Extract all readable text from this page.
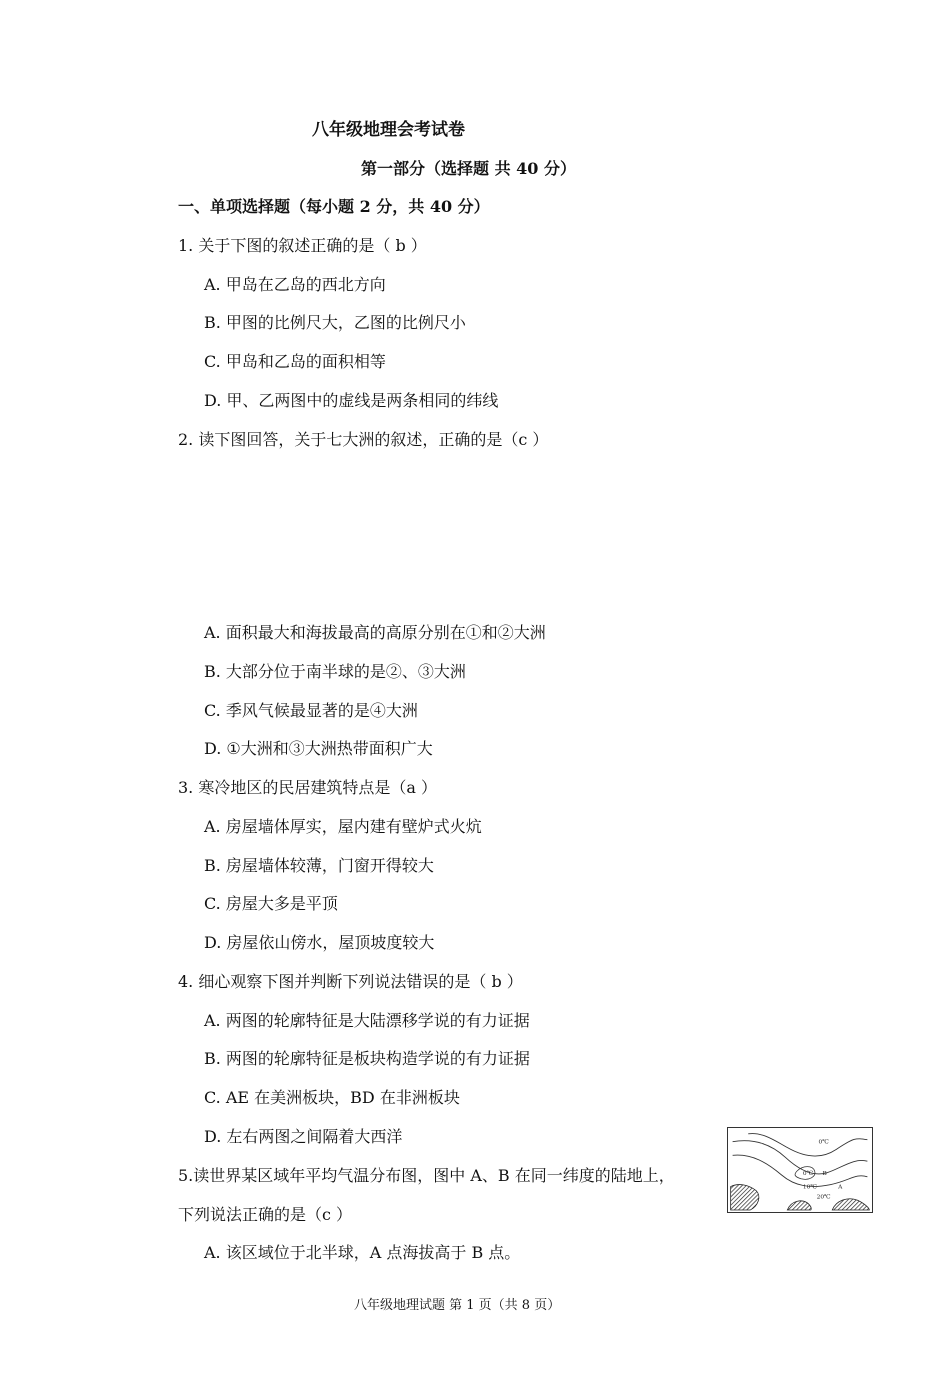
八年级地理会考试卷
第一部分（选择题 共 40 分）
一、单项选择题（每小题 2 分，共 40 分）
1. 关于下图的叙述正确的是（ b ）
A. 甲岛在乙岛的西北方向
B. 甲图的比例尺大，乙图的比例尺小
C. 甲岛和乙岛的面积相等
D. 甲、乙两图中的虚线是两条相同的纬线
2. 读下图回答，关于七大洲的叙述，正确的是（c ）
A. 面积最大和海拔最高的高原分别在①和②大洲
B. 大部分位于南半球的是②、③大洲
C. 季风气候最显著的是④大洲
D. ①大洲和③大洲热带面积广大
3. 寒冷地区的民居建筑特点是（a ）
A. 房屋墙体厚实，屋内建有壁炉式火炕
B. 房屋墙体较薄，门窗开得较大
C. 房屋大多是平顶
D. 房屋依山傍水，屋顶坡度较大
4. 细心观察下图并判断下列说法错误的是（ b ）
A. 两图的轮廓特征是大陆漂移学说的有力证据
B. 两图的轮廓特征是板块构造学说的有力证据
C. AE 在美洲板块，BD 在非洲板块
D. 左右两图之间隔着大西洋
5.读世界某区域年平均气温分布图，图中 A、B 在同一纬度的陆地上，
下列说法正确的是（c ）
A. 该区域位于北半球，A 点海拔高于 B 点。
0℃
0℃ B
10℃	A
20℃
八年级地理试题 第 1 页（共 8 页）
